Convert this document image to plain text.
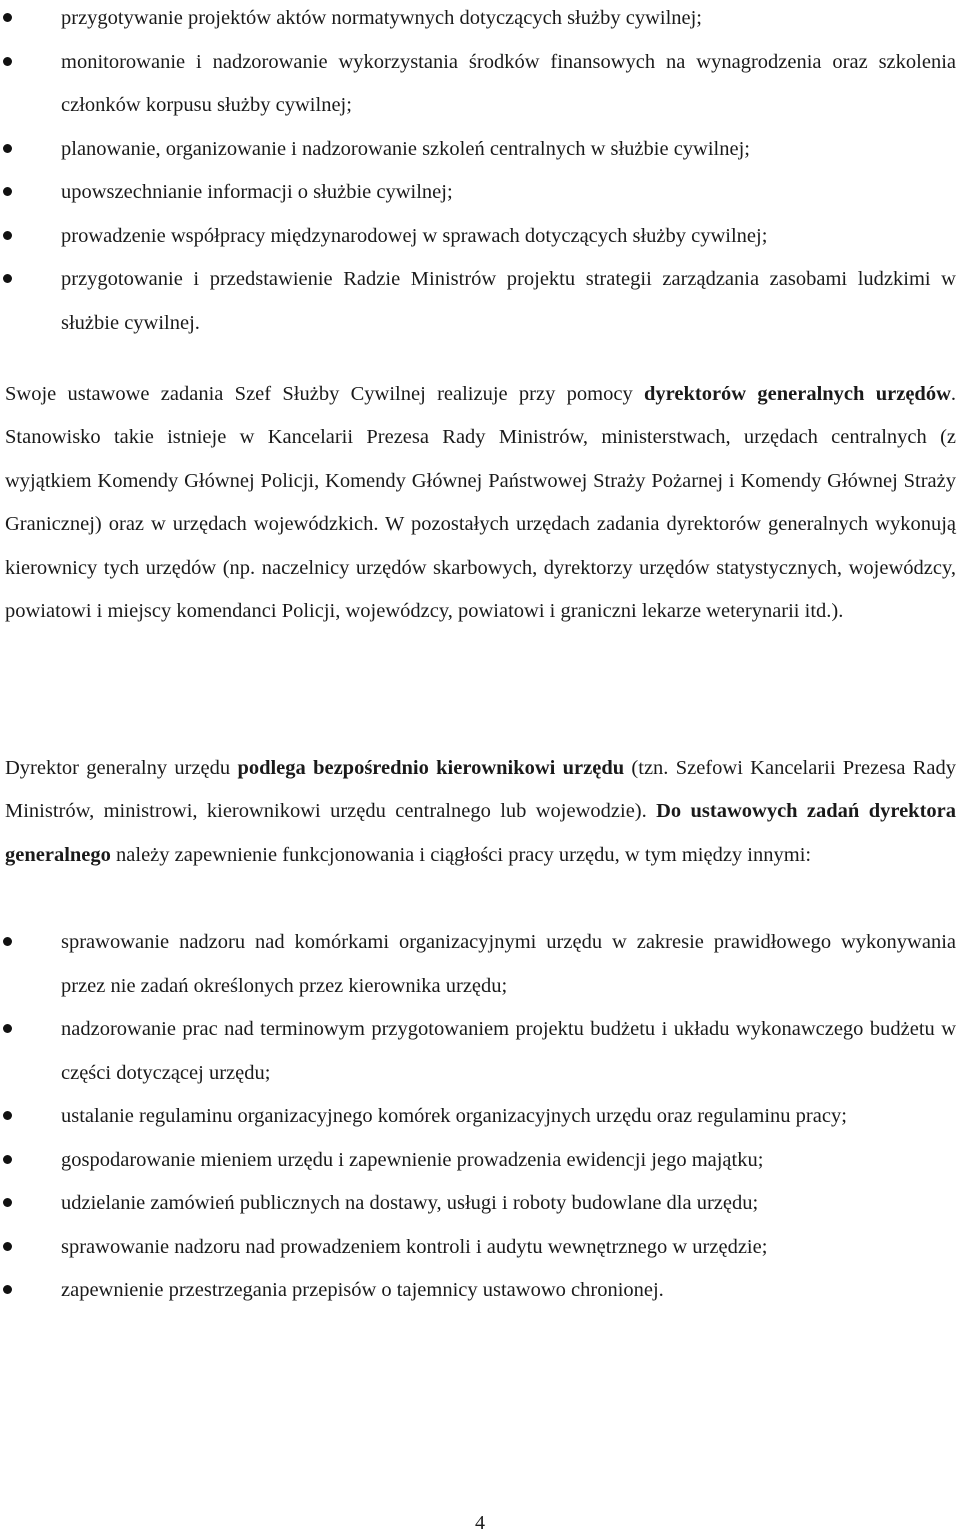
przygotywanie projektów aktów normatywnych dotyczących służby cywilnej;
monitorowanie i nadzorowanie wykorzystania środków finansowych na wynagrodzenia oraz szkolenia członków korpusu służby cywilnej;
planowanie, organizowanie i nadzorowanie szkoleń centralnych w służbie cywilnej;
upowszechnianie informacji o służbie cywilnej;
prowadzenie współpracy międzynarodowej w sprawach dotyczących służby cywilnej;
przygotowanie i przedstawienie Radzie Ministrów projektu strategii zarządzania zasobami ludzkimi w służbie cywilnej.

Swoje ustawowe zadania Szef Służby Cywilnej realizuje przy pomocy dyrektorów generalnych urzędów. Stanowisko takie istnieje w Kancelarii Prezesa Rady Ministrów, ministerstwach, urzędach centralnych (z wyjątkiem Komendy Głównej Policji, Komendy Głównej Państwowej Straży Pożarnej i Komendy Głównej Straży Granicznej) oraz w urzędach wojewódzkich. W pozostałych urzędach zadania dyrektorów generalnych wykonują kierownicy tych urzędów (np. naczelnicy urzędów skarbowych, dyrektorzy urzędów statystycznych, wojewódzcy, powiatowi i miejscy komendanci Policji, wojewódzcy, powiatowi i graniczni lekarze weterynarii itd.).

Dyrektor generalny urzędu podlega bezpośrednio kierownikowi urzędu (tzn. Szefowi Kancelarii Prezesa Rady Ministrów, ministrowi, kierownikowi urzędu centralnego lub wojewodzie). Do ustawowych zadań dyrektora generalnego należy zapewnienie funkcjonowania i ciągłości pracy urzędu, w tym między innymi:

sprawowanie nadzoru nad komórkami organizacyjnymi urzędu w zakresie prawidłowego wykonywania przez nie zadań określonych przez kierownika urzędu;
nadzorowanie prac nad terminowym przygotowaniem projektu budżetu i układu wykonawczego budżetu w części dotyczącej urzędu;
ustalanie regulaminu organizacyjnego komórek organizacyjnych urzędu oraz regulaminu pracy;
gospodarowanie mieniem urzędu i zapewnienie prowadzenia ewidencji jego majątku;
udzielanie zamówień publicznych na dostawy, usługi i roboty budowlane dla urzędu;
sprawowanie nadzoru nad prowadzeniem kontroli i audytu wewnętrznego w urzędzie;
zapewnienie przestrzegania przepisów o tajemnicy ustawowo chronionej.
4
